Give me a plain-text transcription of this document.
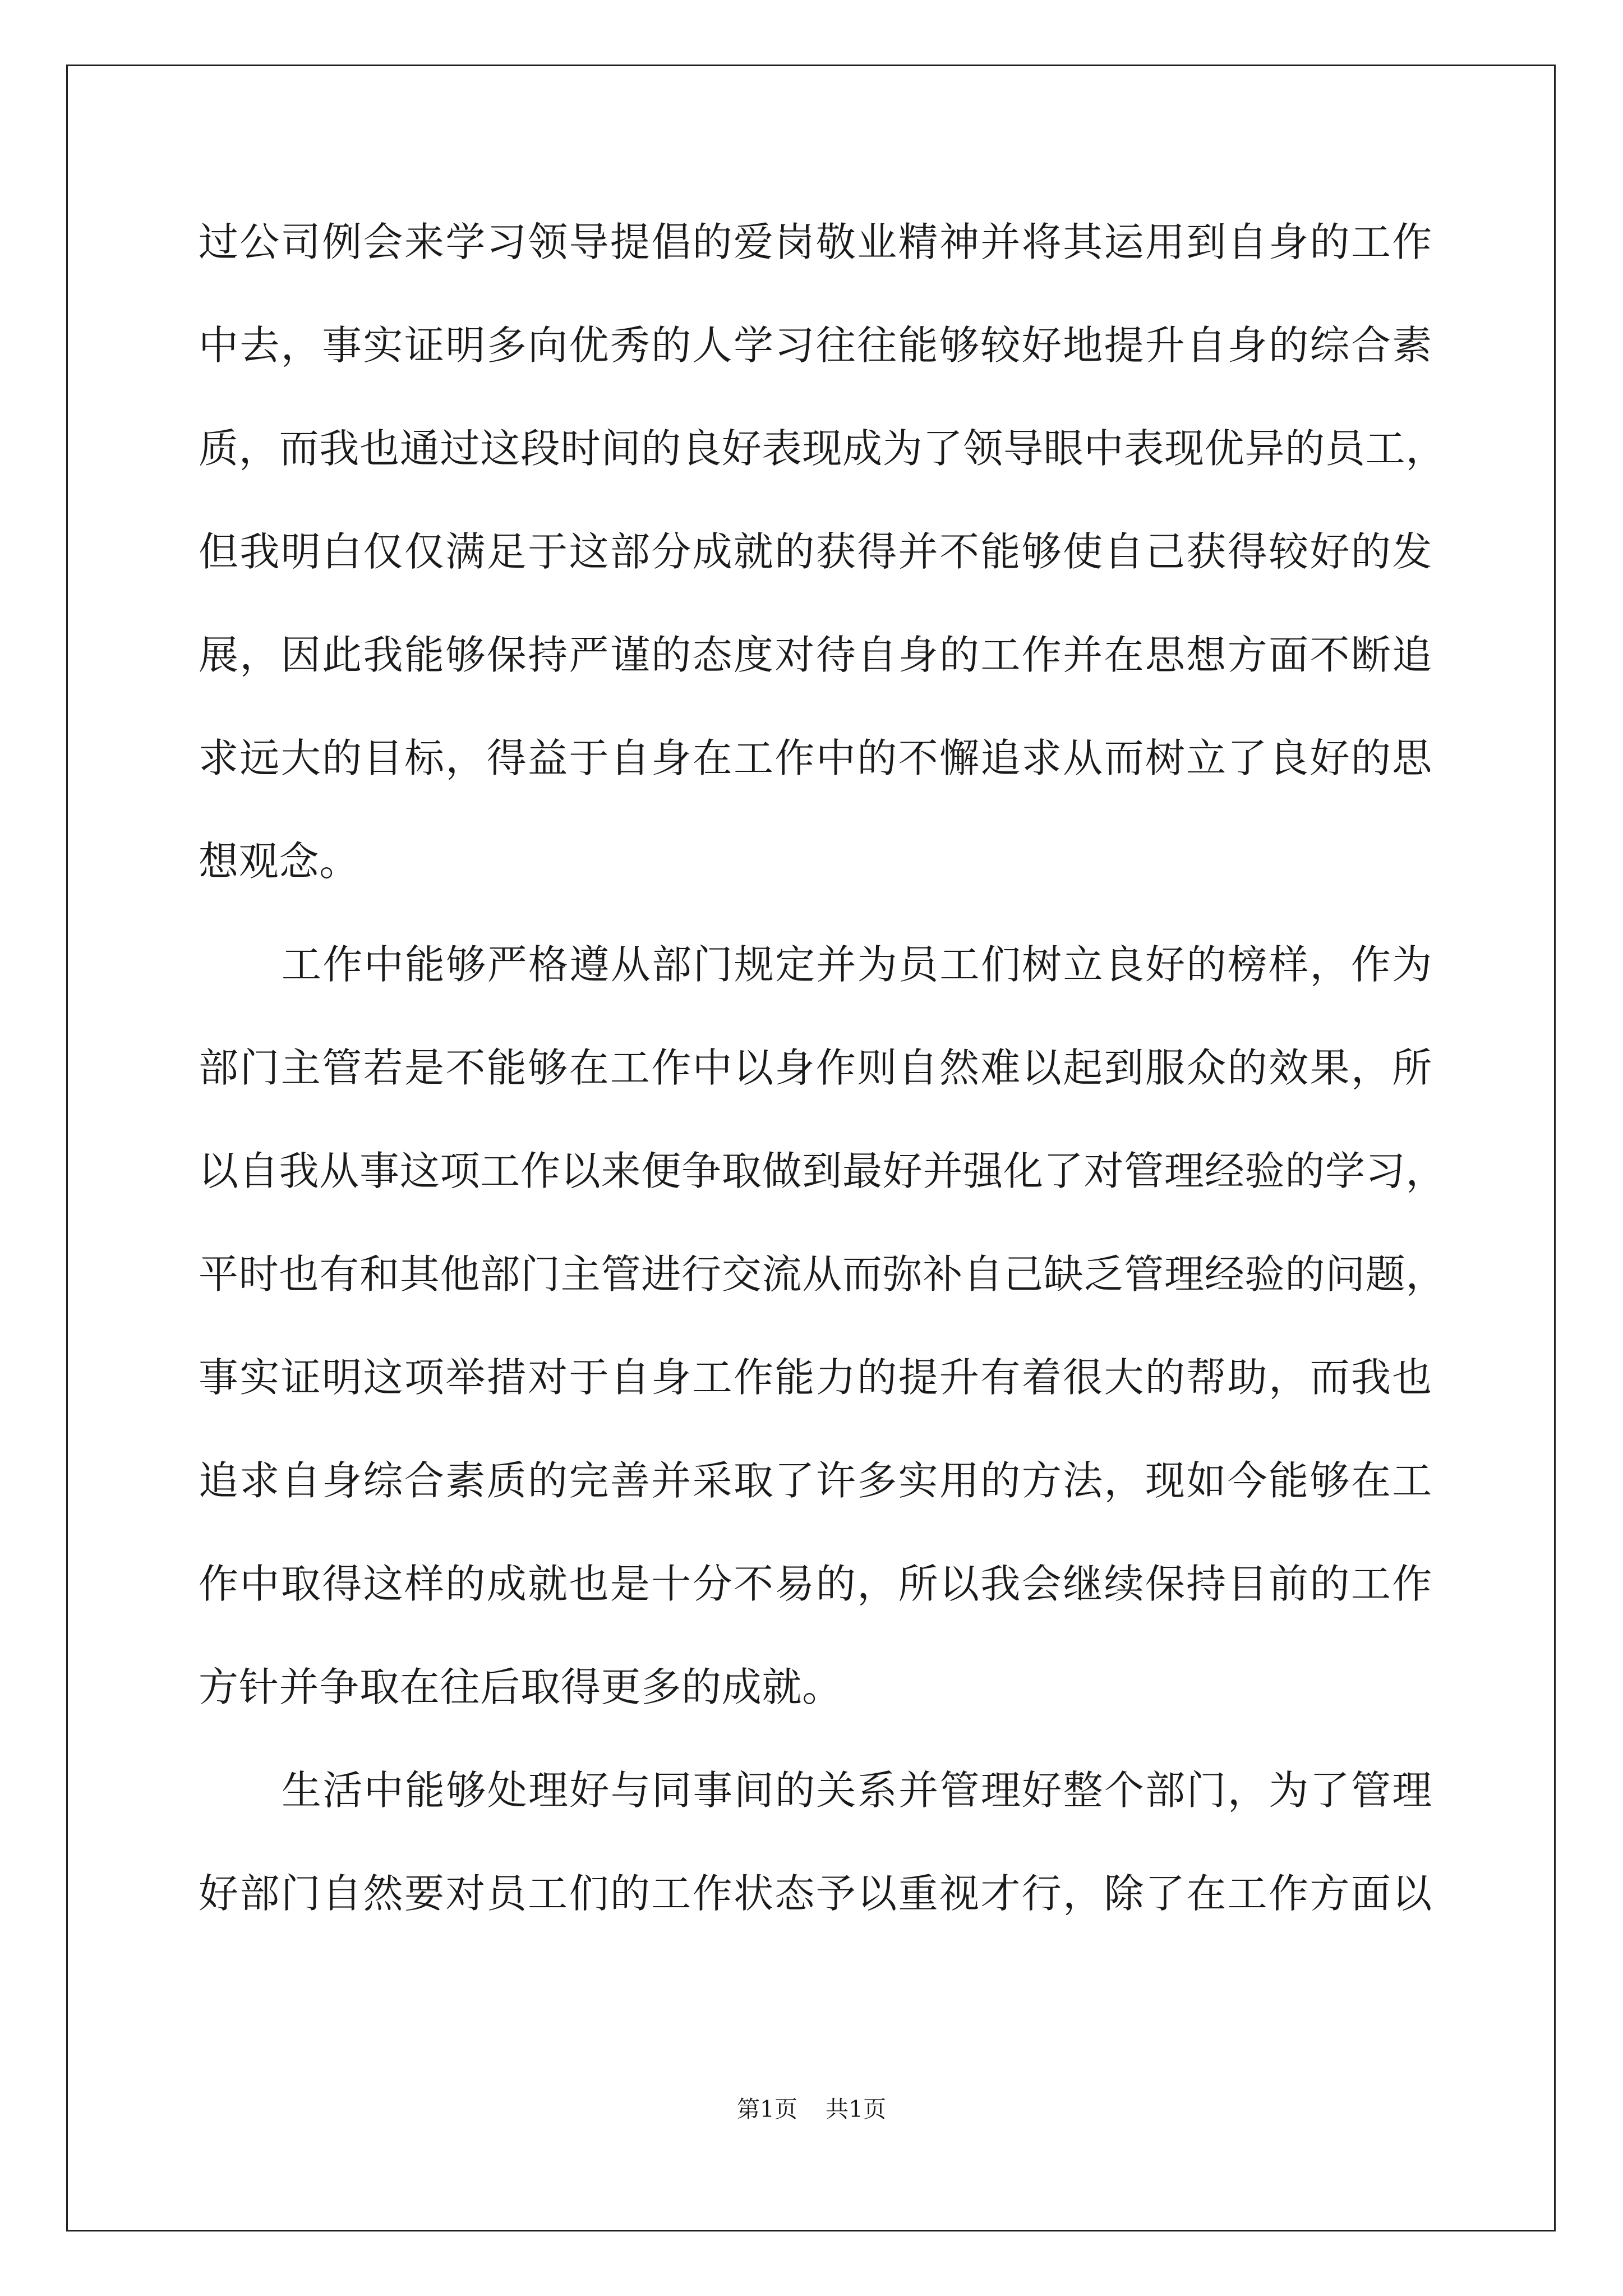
过公司例会来学习领导提倡的爱岗敬业精神并将其运用到自身的工作
中去，事实证明多向优秀的人学习往往能够较好地提升自身的综合素
质，而我也通过这段时间的良好表现成为了领导眼中表现优异的员工，
但我明白仅仅满足于这部分成就的获得并不能够使自己获得较好的发
展，因此我能够保持严谨的态度对待自身的工作并在思想方面不断追
求远大的目标，得益于自身在工作中的不懈追求从而树立了良好的思
想观念。
工作中能够严格遵从部门规定并为员工们树立良好的榜样，作为
部门主管若是不能够在工作中以身作则自然难以起到服众的效果，所
以自我从事这项工作以来便争取做到最好并强化了对管理经验的学习，
平时也有和其他部门主管进行交流从而弥补自己缺乏管理经验的问题，
事实证明这项举措对于自身工作能力的提升有着很大的帮助，而我也
追求自身综合素质的完善并采取了许多实用的方法，现如今能够在工
作中取得这样的成就也是十分不易的，所以我会继续保持目前的工作
方针并争取在往后取得更多的成就。
生活中能够处理好与同事间的关系并管理好整个部门，为了管理
好部门自然要对员工们的工作状态予以重视才行，除了在工作方面以
第1页 共1页
